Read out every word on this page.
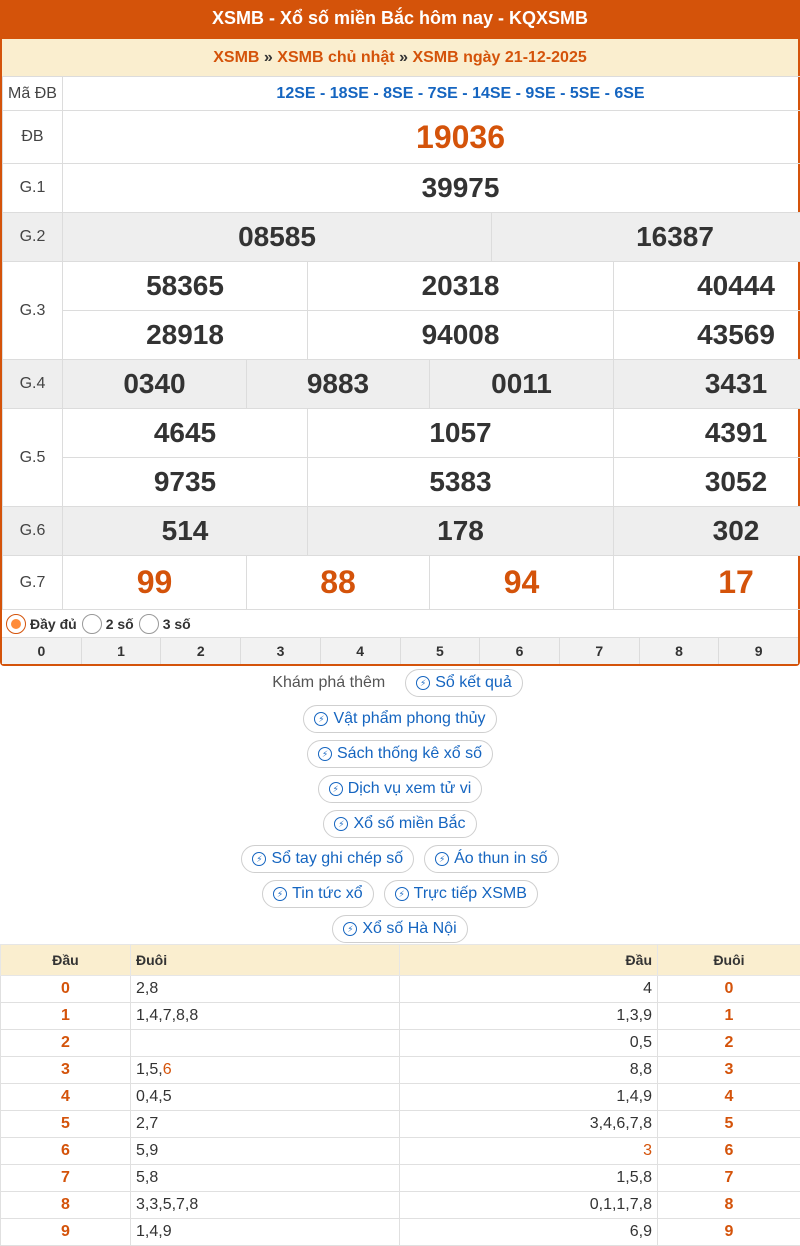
XSMB - Xổ số miền Bắc hôm nay - KQXSMB
XSMB » XSMB chủ nhật » XSMB ngày 21-12-2025
Mã ĐB	12SE - 18SE - 8SE - 7SE - 14SE - 9SE - 5SE - 6SE					
ĐB	19036					
G.1	39975					
G.2	08585				16387	
G.3	58365		20318			40444
	28918		94008			43569
G.4	0340	9883		0011		3431
G.5	4645		1057			4391
	9735		5383			3052
G.6	514		178			302
G.7	99	88		94		17
Đầy đủ 2 số 3 số
0	1	2	3	4	5	6	7	8	9
Khám phá thêm	⚡ Sổ kết quả
⚡ Vật phẩm phong thủy
⚡ Sách thống kê xổ số
⚡ Dịch vụ xem tử vi
⚡ Xổ số miền Bắc
⚡ Sổ tay ghi chép số	⚡ Áo thun in số
⚡ Tin tức xổ	⚡ Trực tiếp XSMB
⚡ Xổ số Hà Nội
Đầu	Đuôi	Đầu	Đuôi
0	2,8	4	0
1	1,4,7,8,8	1,3,9	1
2		0,5	2
3	1,5,6	8,8	3
4	0,4,5	1,4,9	4
5	2,7	3,4,6,7,8	5
6	5,9	3	6
7	5,8	1,5,8	7
8	3,3,5,7,8	0,1,1,7,8	8
9	1,4,9	6,9	9
